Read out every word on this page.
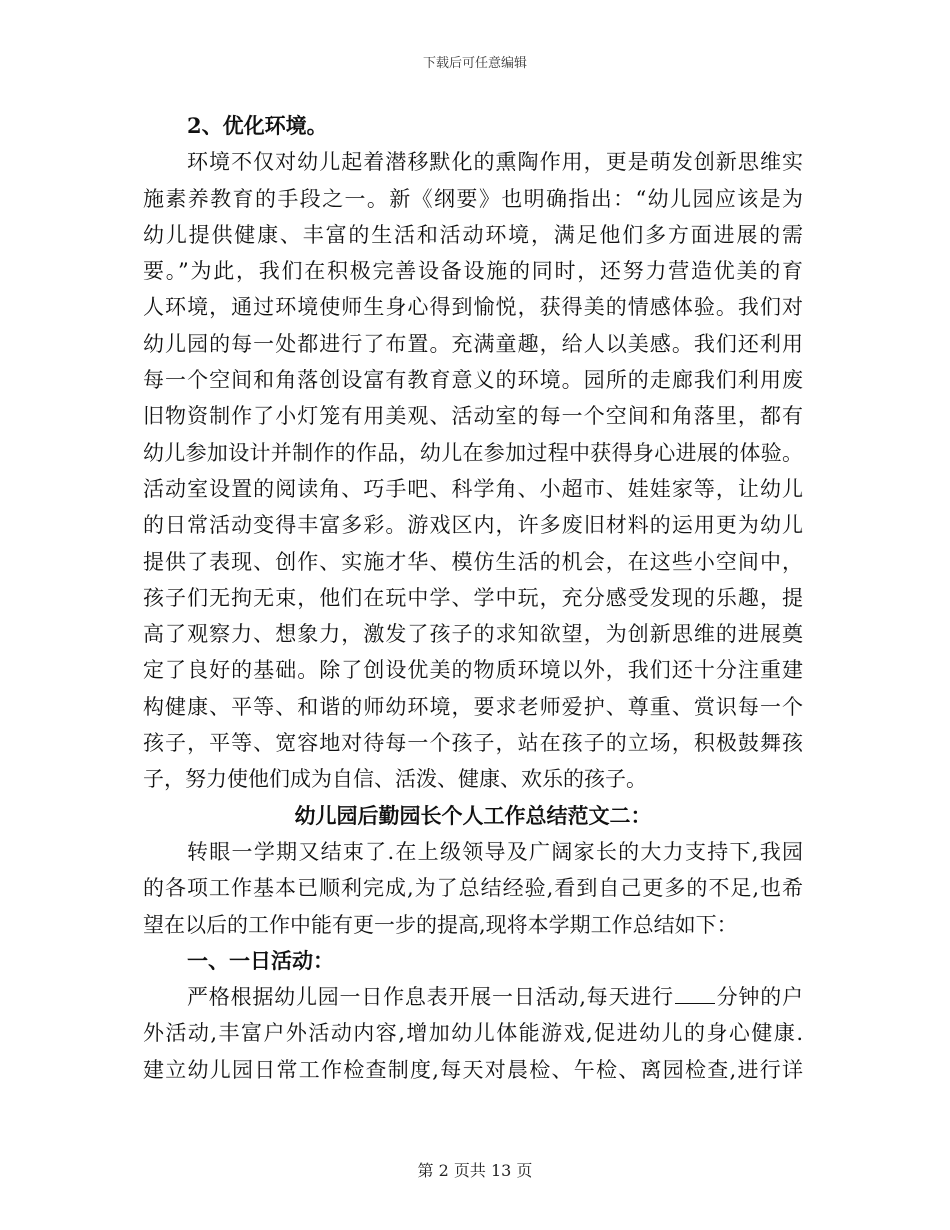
下载后可任意编辑
2、优化环境。
环境不仅对幼儿起着潜移默化的熏陶作用，更是萌发创新思维实
施素养教育的手段之一。新《纲要》也明确指出：“幼儿园应该是为
幼儿提供健康、丰富的生活和活动环境，满足他们多方面进展的需
要。”为此，我们在积极完善设备设施的同时，还努力营造优美的育
人环境，通过环境使师生身心得到愉悦，获得美的情感体验。我们对
幼儿园的每一处都进行了布置。充满童趣，给人以美感。我们还利用
每一个空间和角落创设富有教育意义的环境。园所的走廊我们利用废
旧物资制作了小灯笼有用美观、活动室的每一个空间和角落里，都有
幼儿参加设计并制作的作品，幼儿在参加过程中获得身心进展的体验。
活动室设置的阅读角、巧手吧、科学角、小超市、娃娃家等，让幼儿
的日常活动变得丰富多彩。游戏区内，许多废旧材料的运用更为幼儿
提供了表现、创作、实施才华、模仿生活的机会，在这些小空间中，
孩子们无拘无束，他们在玩中学、学中玩，充分感受发现的乐趣，提
高了观察力、想象力，激发了孩子的求知欲望，为创新思维的进展奠
定了良好的基础。除了创设优美的物质环境以外，我们还十分注重建
构健康、平等、和谐的师幼环境，要求老师爱护、尊重、赏识每一个
孩子，平等、宽容地对待每一个孩子，站在孩子的立场，积极鼓舞孩
子，努力使他们成为自信、活泼、健康、欢乐的孩子。
幼儿园后勤园长个人工作总结范文二：
转眼一学期又结束了.在上级领导及广阔家长的大力支持下,我园
的各项工作基本已顺利完成,为了总结经验,看到自己更多的不足,也希
望在以后的工作中能有更一步的提高,现将本学期工作总结如下：
一、一日活动：
严格根据幼儿园一日作息表开展一日活动,每天进行 分钟的户
外活动,丰富户外活动内容,增加幼儿体能游戏,促进幼儿的身心健康.
建立幼儿园日常工作检查制度,每天对晨检、午检、离园检查,进行详
第 2 页共 13 页
